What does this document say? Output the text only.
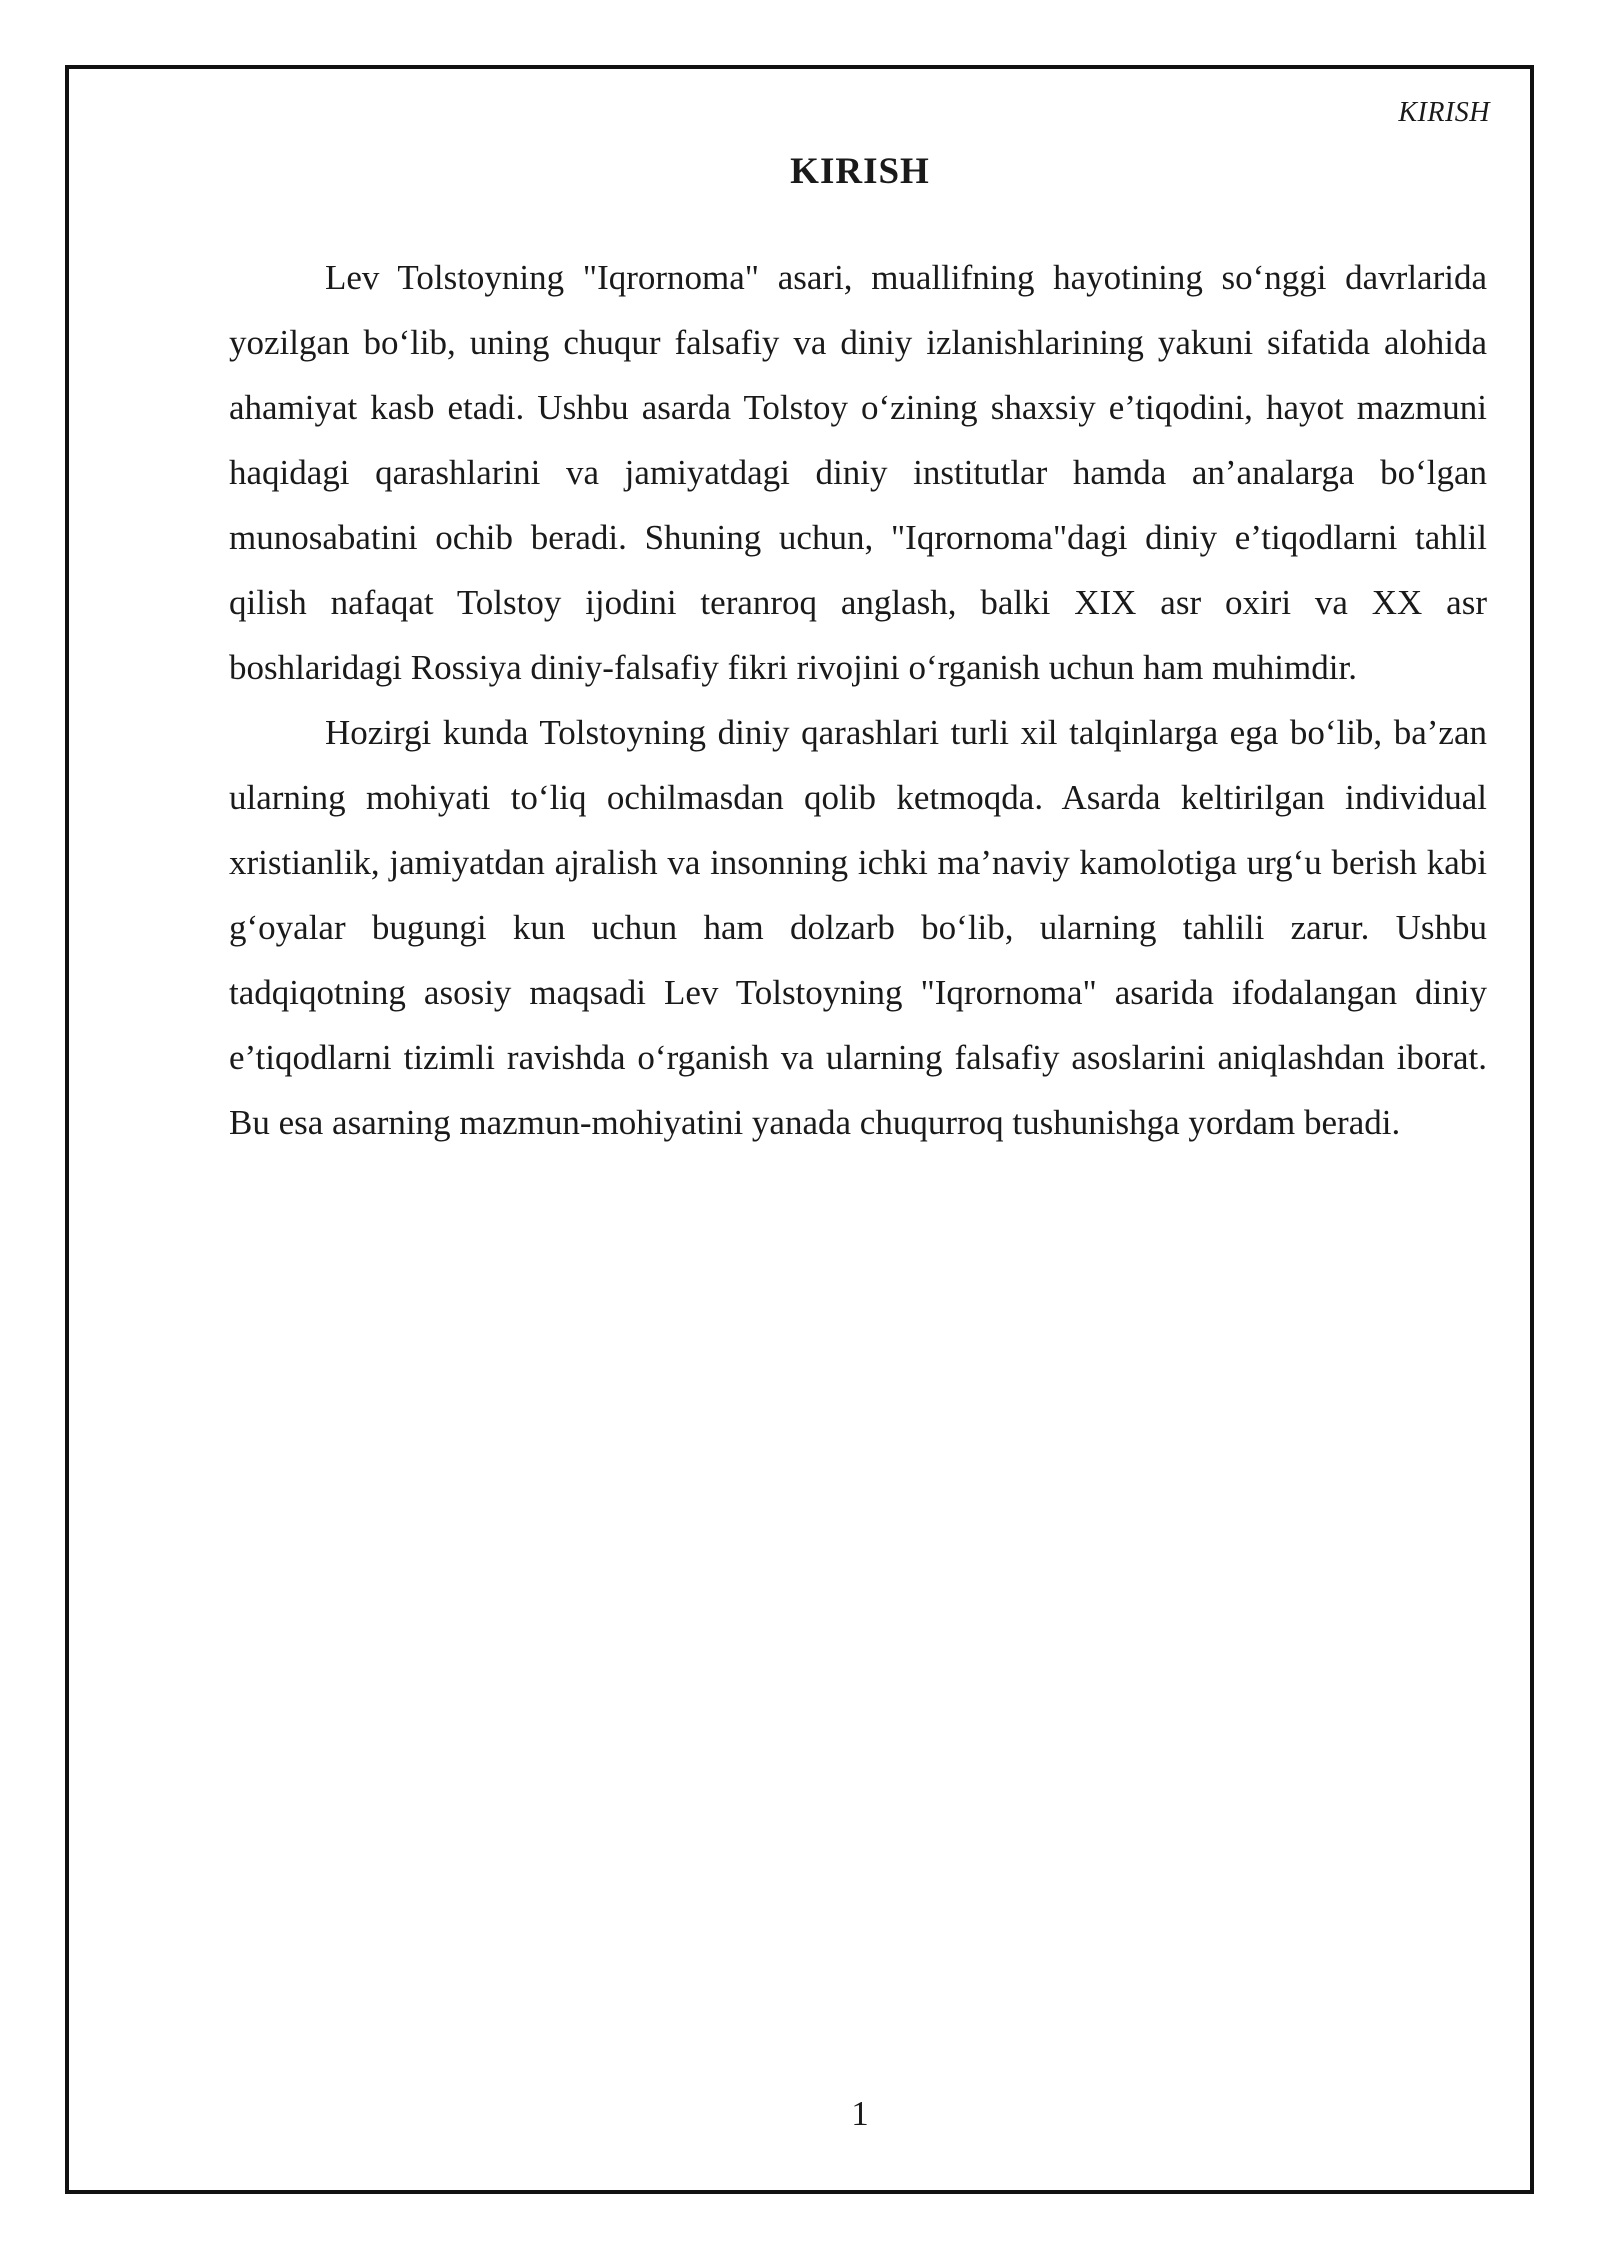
KIRISH
KIRISH

Lev Tolstoyning "Iqrornoma" asari, muallifning hayotining so‘nggi davrlarida yozilgan bo‘lib, uning chuqur falsafiy va diniy izlanishlarining yakuni sifatida alohida ahamiyat kasb etadi. Ushbu asarda Tolstoy o‘zining shaxsiy e’tiqodini, hayot mazmuni haqidagi qarashlarini va jamiyatdagi diniy institutlar hamda an’analarga bo‘lgan munosabatini ochib beradi. Shuning uchun, "Iqrornoma"dagi diniy e’tiqodlarni tahlil qilish nafaqat Tolstoy ijodini teranroq anglash, balki XIX asr oxiri va XX asr boshlaridagi Rossiya diniy-falsafiy fikri rivojini o‘rganish uchun ham muhimdir.

Hozirgi kunda Tolstoyning diniy qarashlari turli xil talqinlarga ega bo‘lib, ba’zan ularning mohiyati to‘liq ochilmasdan qolib ketmoqda. Asarda keltirilgan individual xristianlik, jamiyatdan ajralish va insonning ichki ma’naviy kamolotiga urg‘u berish kabi g‘oyalar bugungi kun uchun ham dolzarb bo‘lib, ularning tahlili zarur. Ushbu tadqiqotning asosiy maqsadi Lev Tolstoyning "Iqrornoma" asarida ifodalangan diniy e’tiqodlarni tizimli ravishda o‘rganish va ularning falsafiy asoslarini aniqlashdan iborat. Bu esa asarning mazmun-mohiyatini yanada chuqurroq tushunishga yordam beradi.

1
